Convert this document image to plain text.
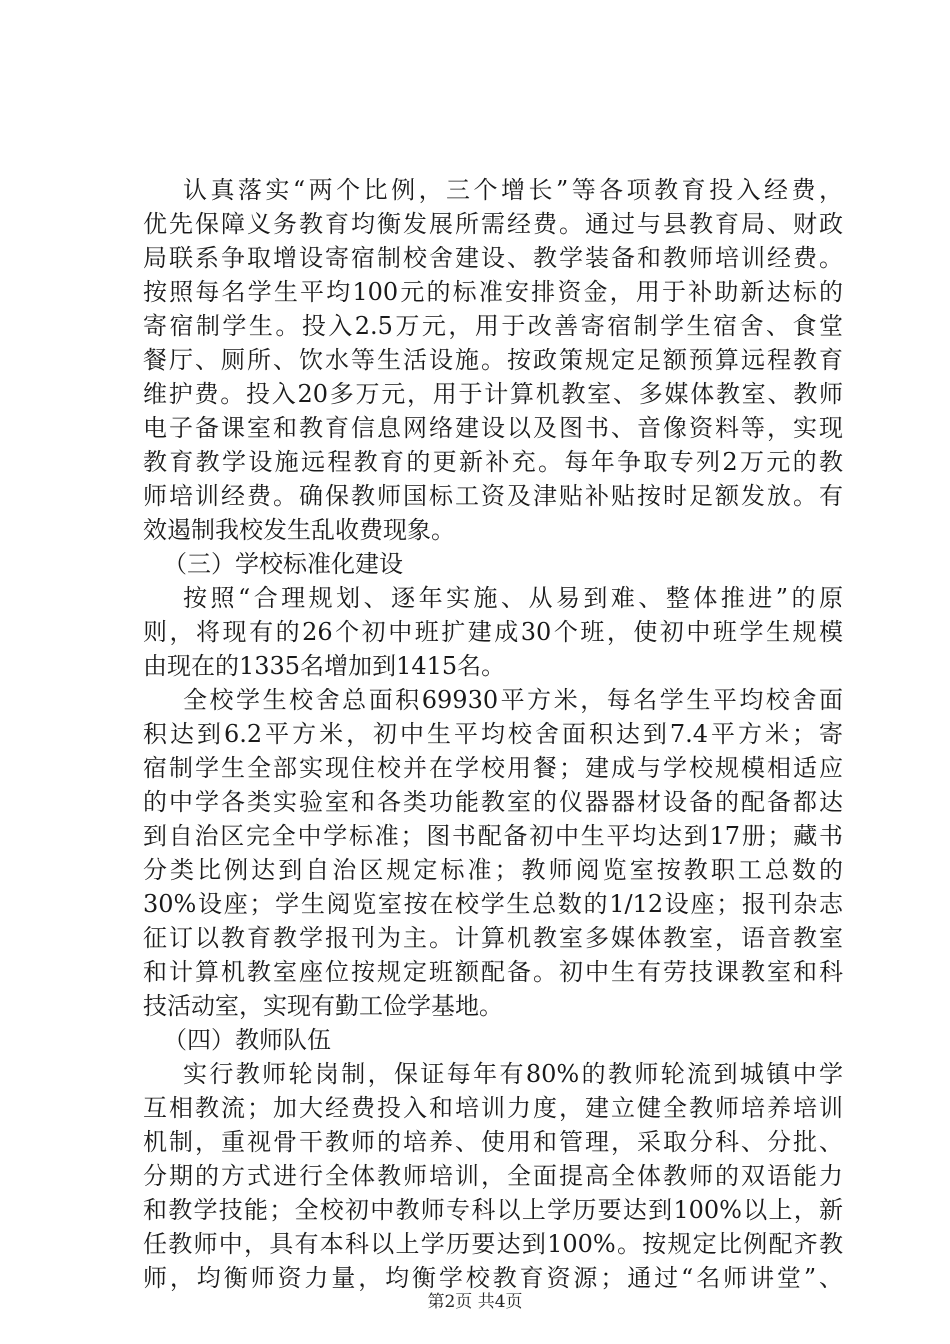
认真落实“两个比例，三个增长”等各项教育投入经费，
优先保障义务教育均衡发展所需经费。通过与县教育局、财政
局联系争取增设寄宿制校舍建设、教学装备和教师培训经费。
按照每名学生平均100元的标准安排资金，用于补助新达标的
寄宿制学生。投入2.5万元，用于改善寄宿制学生宿舍、食堂
餐厅、厕所、饮水等生活设施。按政策规定足额预算远程教育
维护费。投入20多万元，用于计算机教室、多媒体教室、教师
电子备课室和教育信息网络建设以及图书、音像资料等，实现
教育教学设施远程教育的更新补充。每年争取专列2万元的教
师培训经费。确保教师国标工资及津贴补贴按时足额发放。有
效遏制我校发生乱收费现象。
（三）学校标准化建设
按照“合理规划、逐年实施、从易到难、整体推进”的原
则，将现有的26个初中班扩建成30个班，使初中班学生规模
由现在的1335名增加到1415名。
全校学生校舍总面积69930平方米，每名学生平均校舍面
积达到6.2平方米，初中生平均校舍面积达到7.4平方米；寄
宿制学生全部实现住校并在学校用餐；建成与学校规模相适应
的中学各类实验室和各类功能教室的仪器器材设备的配备都达
到自治区完全中学标准；图书配备初中生平均达到17册；藏书
分类比例达到自治区规定标准；教师阅览室按教职工总数的
30%设座；学生阅览室按在校学生总数的1/12设座；报刊杂志
征订以教育教学报刊为主。计算机教室多媒体教室，语音教室
和计算机教室座位按规定班额配备。初中生有劳技课教室和科
技活动室，实现有勤工俭学基地。
（四）教师队伍
实行教师轮岗制，保证每年有80%的教师轮流到城镇中学
互相教流；加大经费投入和培训力度，建立健全教师培养培训
机制，重视骨干教师的培养、使用和管理，采取分科、分批、
分期的方式进行全体教师培训，全面提高全体教师的双语能力
和教学技能；全校初中教师专科以上学历要达到100%以上，新
任教师中，具有本科以上学历要达到100%。按规定比例配齐教
师，均衡师资力量，均衡学校教育资源；通过“名师讲堂”、
第2页 共4页
